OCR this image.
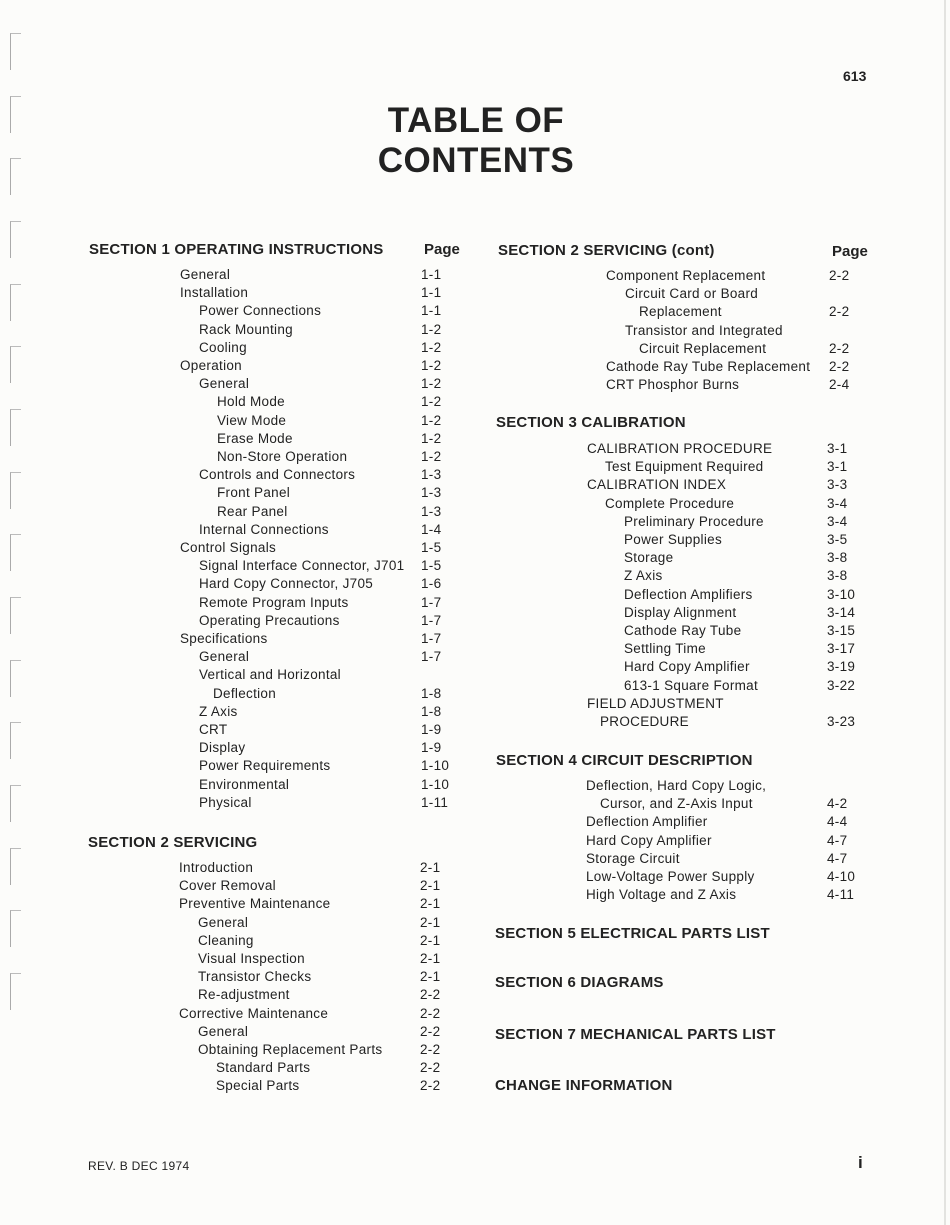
613
TABLE OF
CONTENTS
SECTION 1 OPERATING INSTRUCTIONS	Page
General	1-1
Installation	1-1
Power Connections	1-1
Rack Mounting	1-2
Cooling	1-2
Operation	1-2
General	1-2
Hold Mode	1-2
View Mode	1-2
Erase Mode	1-2
Non-Store Operation	1-2
Controls and Connectors	1-3
Front Panel	1-3
Rear Panel	1-3
Internal Connections	1-4
Control Signals	1-5
Signal Interface Connector, J701 1-5
Hard Copy Connector, J705	1-6
Remote Program Inputs	1-7
Operating Precautions	1-7
Specifications	1-7
General	1-7
Vertical and Horizontal
Deflection	1-8
Z Axis	1-8
CRT	1-9
Display	1-9
Power Requirements	1-10
Environmental	1-10
Physical	1-11
SECTION 2 SERVICING
Introduction	2-1
Cover Removal	2-1
Preventive Maintenance	2-1
General	2-1
Cleaning	2-1
Visual Inspection	2-1
Transistor Checks	2-1
Re-adjustment	2-2
Corrective Maintenance	2-2
General	2-2
Obtaining Replacement Parts	2-2
Standard Parts	2-2
Special Parts	2-2
SECTION 2 SERVICING (cont)	Page
Component Replacement	2-2
Circuit Card or Board
Replacement	2-2
Transistor and Integrated
Circuit Replacement	2-2
Cathode Ray Tube Replacement 2-2
CRT Phosphor Burns	2-4
SECTION 3 CALIBRATION
CALIBRATION PROCEDURE	3-1
Test Equipment Required	3-1
CALIBRATION INDEX	3-3
Complete Procedure	3-4
Preliminary Procedure	3-4
Power Supplies	3-5
Storage	3-8
Z Axis	3-8
Deflection Amplifiers	3-10
Display Alignment	3-14
Cathode Ray Tube	3-15
Settling Time	3-17
Hard Copy Amplifier	3-19
613-1 Square Format	3-22
FIELD ADJUSTMENT
PROCEDURE	3-23
SECTION 4 CIRCUIT DESCRIPTION
Deflection, Hard Copy Logic,
Cursor, and Z-Axis Input	4-2
Deflection Amplifier	4-4
Hard Copy Amplifier	4-7
Storage Circuit	4-7
Low-Voltage Power Supply	4-10
High Voltage and Z Axis	4-11
SECTION 5 ELECTRICAL PARTS LIST
SECTION 6 DIAGRAMS
SECTION 7 MECHANICAL PARTS LIST
CHANGE INFORMATION
REV. B DEC 1974	i
